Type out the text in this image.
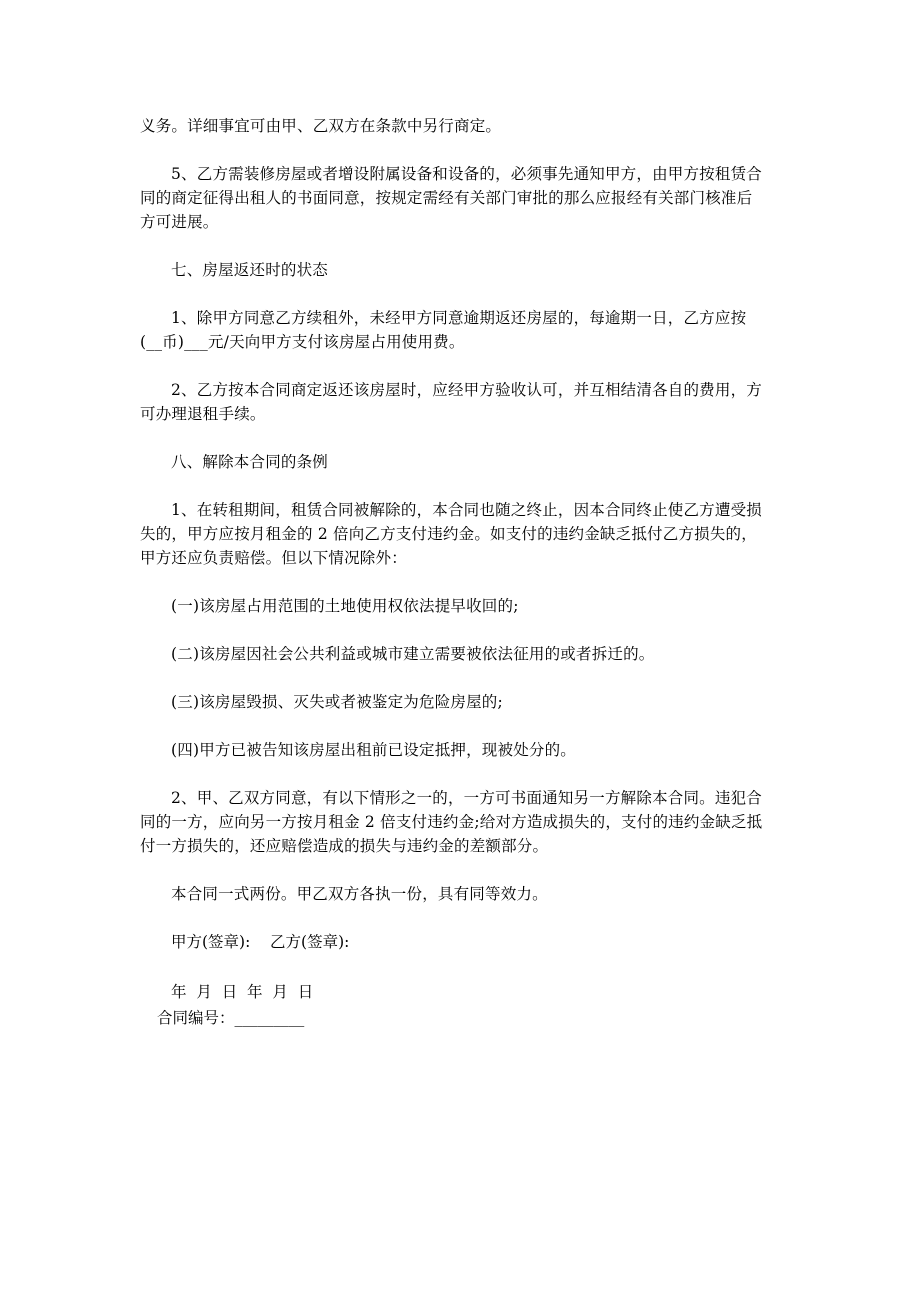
义务。详细事宜可由甲、乙双方在条款中另行商定。

5、乙方需装修房屋或者增设附属设备和设备的，必须事先通知甲方，由甲方按租赁合
同的商定征得出租人的书面同意，按规定需经有关部门审批的那么应报经有关部门核准后
方可进展。

七、房屋返还时的状态

1、除甲方同意乙方续租外，未经甲方同意逾期返还房屋的，每逾期一日，乙方应按
(__币)___元/天向甲方支付该房屋占用使用费。

2、乙方按本合同商定返还该房屋时，应经甲方验收认可，并互相结清各自的费用，方
可办理退租手续。

八、解除本合同的条例

1、在转租期间，租赁合同被解除的，本合同也随之终止，因本合同终止使乙方遭受损
失的，甲方应按月租金的 2 倍向乙方支付违约金。如支付的违约金缺乏抵付乙方损失的，
甲方还应负责赔偿。但以下情况除外：

(一)该房屋占用范围的土地使用权依法提早收回的;

(二)该房屋因社会公共利益或城市建立需要被依法征用的或者拆迁的。

(三)该房屋毁损、灭失或者被鉴定为危险房屋的;

(四)甲方已被告知该房屋出租前已设定抵押，现被处分的。

2、甲、乙双方同意，有以下情形之一的，一方可书面通知另一方解除本合同。违犯合
同的一方，应向另一方按月租金 2 倍支付违约金;给对方造成损失的，支付的违约金缺乏抵
付一方损失的，还应赔偿造成的损失与违约金的差额部分。

本合同一式两份。甲乙双方各执一份，具有同等效力。

甲方(签章):    乙方(签章):

年  月  日  年  月  日

合同编号：_________
